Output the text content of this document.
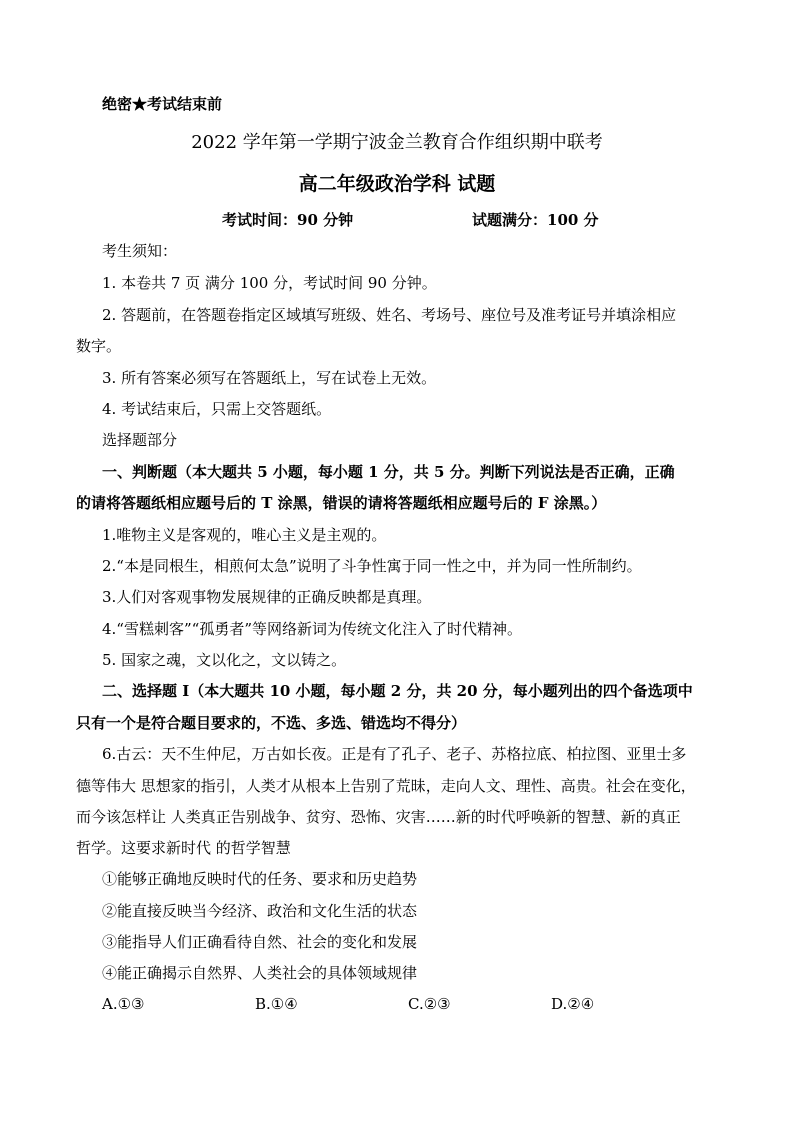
绝密★考试结束前
2022 学年第一学期宁波金兰教育合作组织期中联考
高二年级政治学科 试题
考试时间：90 分钟	试题满分：100 分
考生须知：
1. 本卷共 7 页 满分 100 分，考试时间 90 分钟。
2. 答题前，在答题卷指定区域填写班级、姓名、考场号、座位号及准考证号并填涂相应
数字。
3. 所有答案必须写在答题纸上，写在试卷上无效。
4. 考试结束后，只需上交答题纸。
选择题部分
一、判断题（本大题共 5 小题，每小题 1 分，共 5 分。判断下列说法是否正确，正确
的请将答题纸相应题号后的 T 涂黑，错误的请将答题纸相应题号后的 F 涂黑。）
1.唯物主义是客观的，唯心主义是主观的。
2.“本是同根生，相煎何太急”说明了斗争性寓于同一性之中，并为同一性所制约。
3.人们对客观事物发展规律的正确反映都是真理。
4.“雪糕刺客”“孤勇者”等网络新词为传统文化注入了时代精神。
5. 国家之魂，文以化之，文以铸之。
二、选择题 Ⅰ（本大题共 10 小题，每小题 2 分，共 20 分，每小题列出的四个备选项中
只有一个是符合题目要求的，不选、多选、错选均不得分）
6.古云：天不生仲尼，万古如长夜。正是有了孔子、老子、苏格拉底、柏拉图、亚里士多
德等伟大 思想家的指引，人类才从根本上告别了荒昧，走向人文、理性、高贵。社会在变化，
而今该怎样让 人类真正告别战争、贫穷、恐怖、灾害……新的时代呼唤新的智慧、新的真正
哲学。这要求新时代 的哲学智慧
①能够正确地反映时代的任务、要求和历史趋势
②能直接反映当今经济、政治和文化生活的状态
③能指导人们正确看待自然、社会的变化和发展
④能正确揭示自然界、人类社会的具体领域规律
A.①③	B.①④	C.②③	D.②④
